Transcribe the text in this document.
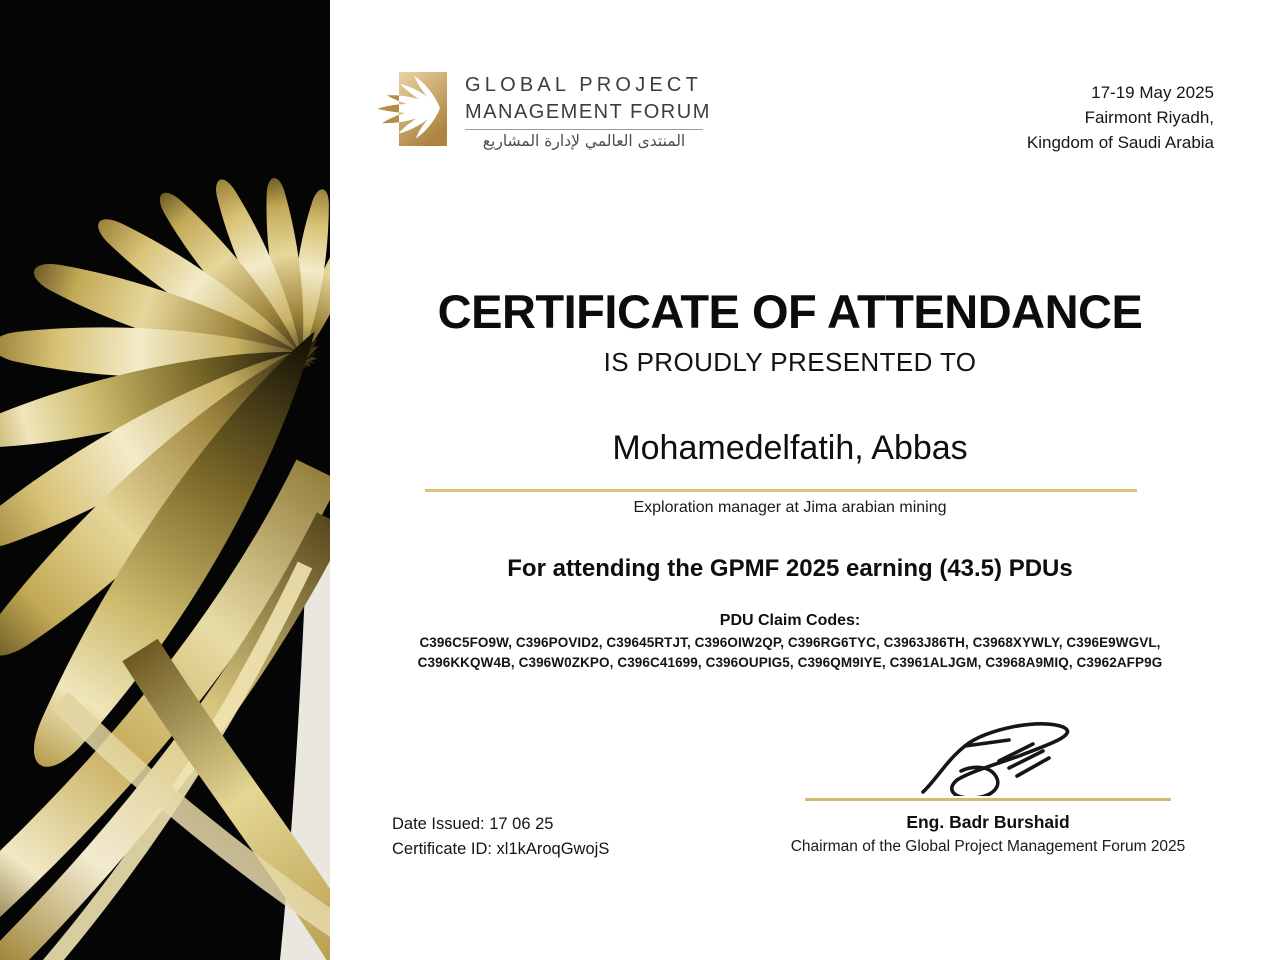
GLOBAL PROJECT
MANAGEMENT FORUM
المنتدى العالمي لإدارة المشاريع
17-19 May 2025
Fairmont Riyadh,
Kingdom of Saudi Arabia
CERTIFICATE OF ATTENDANCE
IS PROUDLY PRESENTED TO
Mohamedelfatih, Abbas
Exploration manager at Jima arabian mining
For attending the GPMF 2025 earning (43.5) PDUs
PDU Claim Codes:
C396C5FO9W, C396POVID2, C39645RTJT, C396OIW2QP, C396RG6TYC, C3963J86TH, C3968XYWLY, C396E9WGVL,
C396KKQW4B, C396W0ZKPO, C396C41699, C396OUPIG5, C396QM9IYE, C3961ALJGM, C3968A9MIQ, C3962AFP9G
Eng. Badr Burshaid
Chairman of the Global Project Management Forum 2025
Date Issued: 17 06 25
Certificate ID: xl1kAroqGwojS
